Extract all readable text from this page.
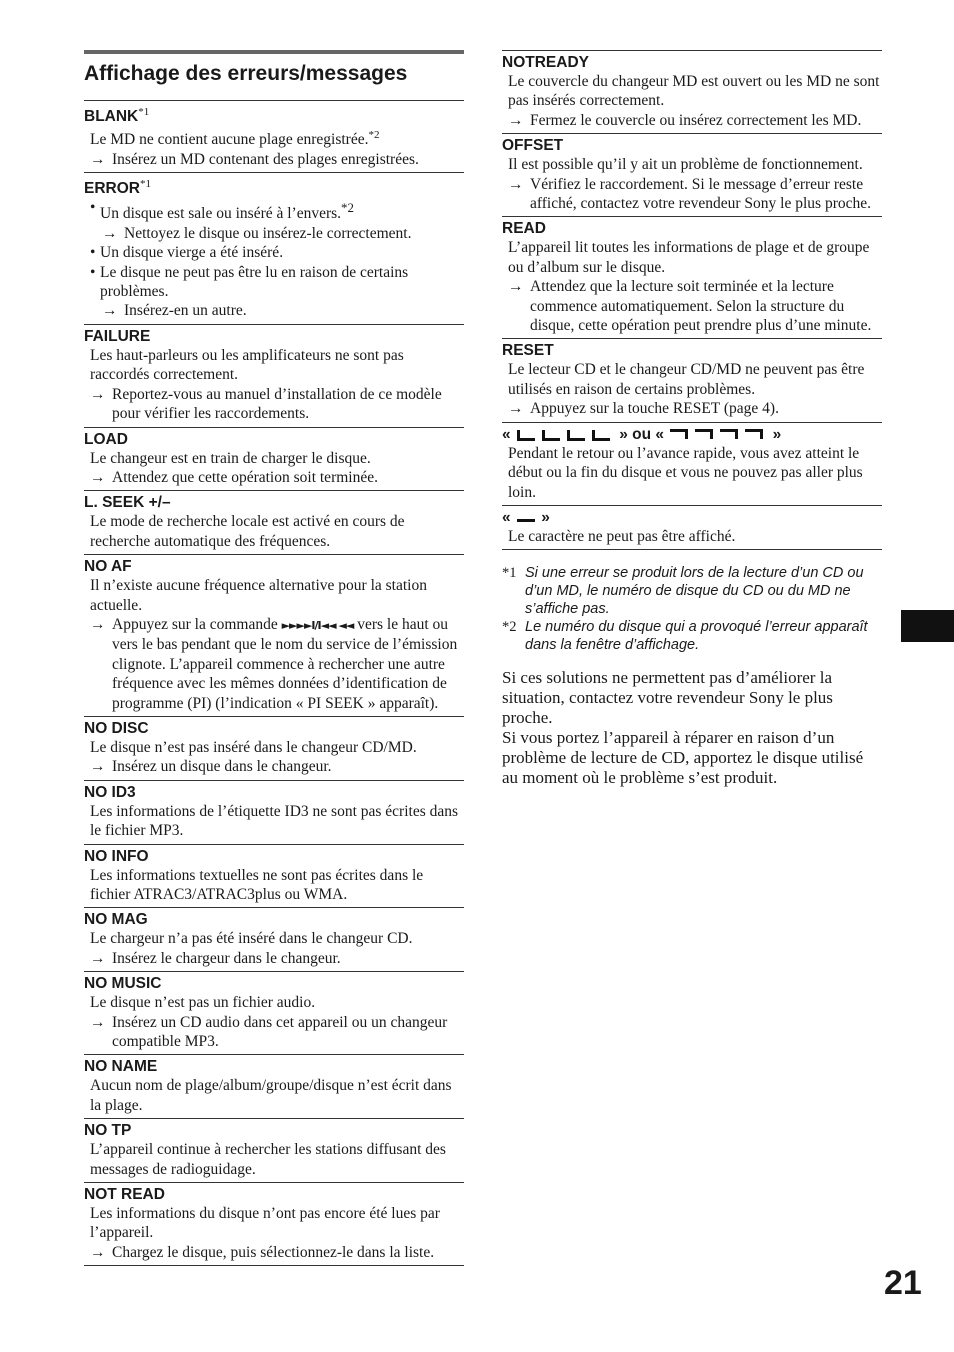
Affichage des erreurs/messages
BLANK$^{*1}$

Le MD ne contient aucune plage enregistrée.$^{*2}$

→ Insérez un MD contenant des plages enregistrées.
ERROR$^{*1}$
• Un disque est sale ou inséré à l’envers.$^{*2}$
→ Nettoyez le disque ou insérez-le correctement.
• Un disque vierge a été inséré.
• Le disque ne peut pas être lu en raison de certains problèmes.
→ Insérez-en un autre.
FAILURE

Les haut-parleurs ou les amplificateurs ne sont pas raccordés correctement.

→ Reportez-vous au manuel d’installation de ce modèle pour vérifier les raccordements.
LOAD

Le changeur est en train de charger le disque.

→ Attendez que cette opération soit terminée.
L. SEEK +/–

Le mode de recherche locale est activé en cours de recherche automatique des fréquences.

NO AF

Il n’existe aucune fréquence alternative pour la station actuelle.

→ Appuyez sur la commande ►►►►I/I◄◄ ◄◄ vers le haut ou vers le bas pendant que le nom du service de l’émission clignote. L’appareil commence à rechercher une autre fréquence avec les mêmes données d’identification de programme (PI) (l’indication « PI SEEK » apparaît).
NO DISC

Le disque n’est pas inséré dans le changeur CD/MD.

→ Insérez un disque dans le changeur.
NO ID3

Les informations de l’étiquette ID3 ne sont pas écrites dans le fichier MP3.

NO INFO

Les informations textuelles ne sont pas écrites dans le fichier ATRAC3/ATRAC3plus ou WMA.

NO MAG

Le chargeur n’a pas été inséré dans le changeur CD.

→ Insérez le chargeur dans le changeur.
NO MUSIC

Le disque n’est pas un fichier audio.

→ Insérez un CD audio dans cet appareil ou un changeur compatible MP3.
NO NAME

Aucun nom de plage/album/groupe/disque n’est écrit dans la plage.

NO TP

L’appareil continue à rechercher les stations diffusant des messages de radioguidage.

NOT READ

Les informations du disque n’ont pas encore été lues par l’appareil.

→ Chargez le disque, puis sélectionnez-le dans la liste.
NOTREADY

Le couvercle du changeur MD est ouvert ou les MD ne sont pas insérés correctement.

→ Fermez le couvercle ou insérez correctement les MD.
OFFSET

Il est possible qu’il y ait un problème de fonctionnement.

→ Vérifiez le raccordement. Si le message d’erreur reste affiché, contactez votre revendeur Sony le plus proche.
READ

L’appareil lit toutes les informations de plage et de groupe ou d’album sur le disque.

→ Attendez que la lecture soit terminée et la lecture commence automatiquement. Selon la structure du disque, cette opération peut prendre plus d’une minute.
RESET

Le lecteur CD et le changeur CD/MD ne peuvent pas être utilisés en raison de certains problèmes.

→ Appuyez sur la touche RESET (page 4).
«	» ou «	»

Pendant le retour ou l’avance rapide, vous avez atteint le début ou la fin du disque et vous ne pouvez pas aller plus loin.

«  »

Le caractère ne peut pas être affiché.

*1 Si une erreur se produit lors de la lecture d’un CD ou d’un MD, le numéro de disque du CD ou du MD ne s’affiche pas.
*2 Le numéro du disque qui a provoqué l’erreur apparaît dans la fenêtre d’affichage.

Si ces solutions ne permettent pas d’améliorer la situation, contactez votre revendeur Sony le plus proche.

Si vous portez l’appareil à réparer en raison d’un problème de lecture de CD, apportez le disque utilisé au moment où le problème s’est produit.

21
